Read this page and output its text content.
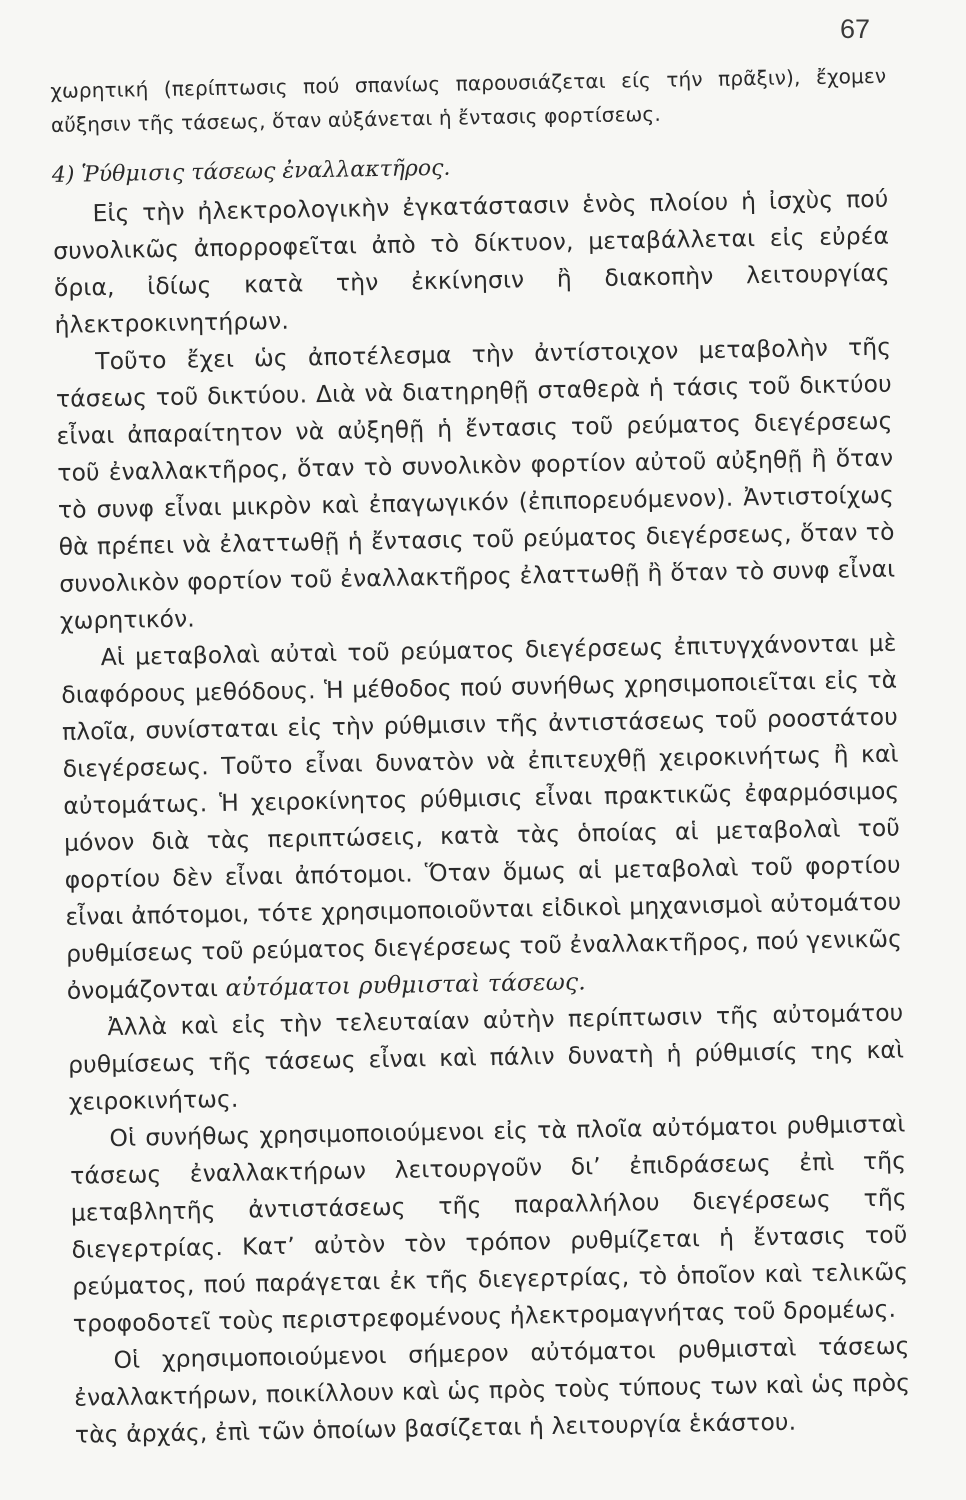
67

χωρητική (περίπτωσις πού σπανίως παρουσιάζεται είς τήν πρᾶξιν), ἔχομεν αὔξησιν τῆς τάσεως, ὅταν αὐξάνεται ἡ ἔντασις φορτίσεως.

4) Ῥύθμισις τάσεως ἐναλλακτῆρος.

Εἰς τὴν ἠλεκτρολογικὴν ἐγκατάστασιν ἑνὸς πλοίου ἡ ἰσχὺς πού συνολικῶς ἀπορροφεῖται ἀπὸ τὸ δίκτυον, μεταβάλλεται εἰς εὐρέα ὅρια, ἰδίως κατὰ τὴν ἐκκίνησιν ἢ διακοπὴν λειτουργίας ἠλεκτροκινητήρων.

Τοῦτο ἔχει ὡς ἀποτέλεσμα τὴν ἀντίστοιχον μεταβολὴν τῆς τάσεως τοῦ δικτύου. Διὰ νὰ διατηρηθῇ σταθερὰ ἡ τάσις τοῦ δικτύου εἶναι ἀπαραίτητον νὰ αὐξηθῇ ἡ ἔντασις τοῦ ρεύματος διεγέρσεως τοῦ ἐναλλακτῆρος, ὅταν τὸ συνολικὸν φορτίον αὐτοῦ αὐξηθῇ ἢ ὅταν τὸ συνφ εἶναι μικρὸν καὶ ἐπαγωγικόν (ἐπιπορευόμενον). Ἀντιστοίχως θὰ πρέπει νὰ ἐλαττωθῇ ἡ ἔντασις τοῦ ρεύματος διεγέρσεως, ὅταν τὸ συνολικὸν φορτίον τοῦ ἐναλλακτῆρος ἐλαττωθῇ ἢ ὅταν τὸ συνφ εἶναι χωρητικόν.

Αἱ μεταβολαὶ αὐταὶ τοῦ ρεύματος διεγέρσεως ἐπιτυγχάνονται μὲ διαφόρους μεθόδους. Ἡ μέθοδος πού συνήθως χρησιμοποιεῖται εἰς τὰ πλοῖα, συνίσταται εἰς τὴν ρύθμισιν τῆς ἀντιστάσεως τοῦ ροοστάτου διεγέρσεως. Τοῦτο εἶναι δυνατὸν νὰ ἐπιτευχθῇ χειροκινήτως ἢ καὶ αὐτομάτως. Ἡ χειροκίνητος ρύθμισις εἶναι πρακτικῶς ἐφαρμόσιμος μόνον διὰ τὰς περιπτώσεις, κατὰ τὰς ὁποίας αἱ μεταβολαὶ τοῦ φορτίου δὲν εἶναι ἀπότομοι. Ὅταν ὅμως αἱ μεταβολαὶ τοῦ φορτίου εἶναι ἀπότομοι, τότε χρησιμοποιοῦνται εἰδικοὶ μηχανισμοὶ αὐτομάτου ρυθμίσεως τοῦ ρεύματος διεγέρσεως τοῦ ἐναλλακτῆρος, πού γενικῶς ὀνομάζονται αὐτόματοι ρυθμισταὶ τάσεως.

Ἀλλὰ καὶ εἰς τὴν τελευταίαν αὐτὴν περίπτωσιν τῆς αὐτομάτου ρυθμίσεως τῆς τάσεως εἶναι καὶ πάλιν δυνατὴ ἡ ρύθμισίς της καὶ χειροκινήτως.

Οἱ συνήθως χρησιμοποιούμενοι εἰς τὰ πλοῖα αὐτόματοι ρυθμισταὶ τάσεως ἐναλλακτήρων λειτουργοῦν δι’ ἐπιδράσεως ἐπὶ τῆς μεταβλητῆς ἀντιστάσεως τῆς παραλλήλου διεγέρσεως τῆς διεγερτρίας. Κατ’ αὐτὸν τὸν τρόπον ρυθμίζεται ἡ ἔντασις τοῦ ρεύματος, πού παράγεται ἐκ τῆς διεγερτρίας, τὸ ὁποῖον καὶ τελικῶς τροφοδοτεῖ τοὺς περιστρεφομένους ἠλεκτρομαγνήτας τοῦ δρομέως.

Οἱ χρησιμοποιούμενοι σήμερον αὐτόματοι ρυθμισταὶ τάσεως ἐναλλακτήρων, ποικίλλουν καὶ ὡς πρὸς τοὺς τύπους των καὶ ὡς πρὸς τὰς ἀρχάς, ἐπὶ τῶν ὁποίων βασίζεται ἡ λειτουργία ἑκάστου.
